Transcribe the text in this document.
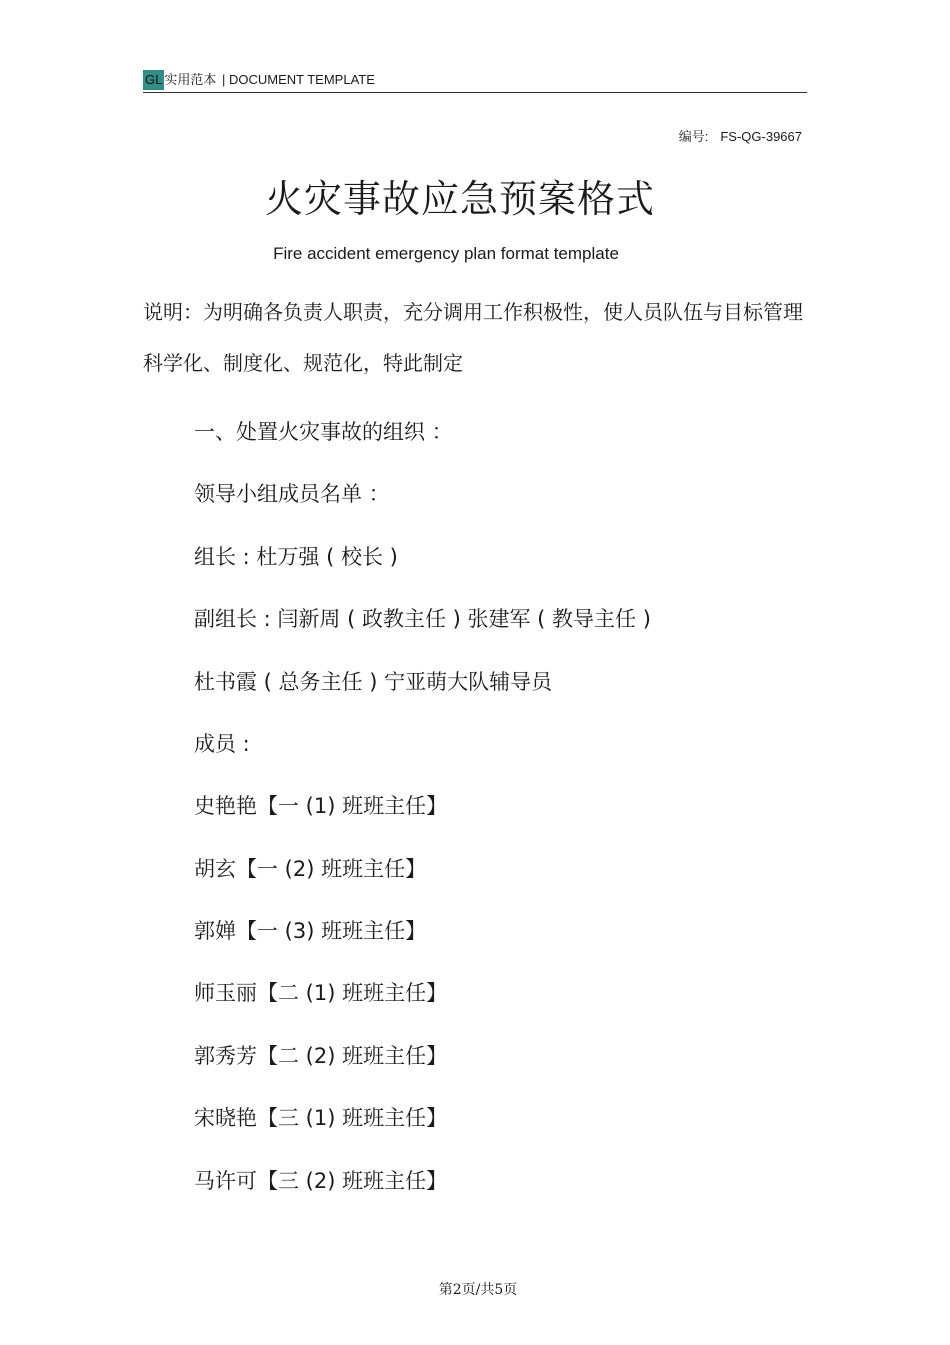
GL 实用范本 | DOCUMENT TEMPLATE
编号: FS-QG-39667
火灾事故应急预案格式
Fire accident emergency plan format template
说明：为明确各负责人职责，充分调用工作积极性，使人员队伍与目标管理科学化、制度化、规范化，特此制定
一、处置火灾事故的组织 ：
领导小组成员名单 ：
组长 : 杜万强 ( 校长 )
副组长 : 闫新周 ( 政教主任 ) 张建军 ( 教导主任 )
杜书霞 ( 总务主任 ) 宁亚萌大队辅导员
成员 :
史艳艳【一 (1) 班班主任】
胡玄【一 (2) 班班主任】
郭婵【一 (3) 班班主任】
师玉丽【二 (1) 班班主任】
郭秀芳【二 (2) 班班主任】
宋晓艳【三 (1) 班班主任】
马许可【三 (2) 班班主任】
第2页/共5页
